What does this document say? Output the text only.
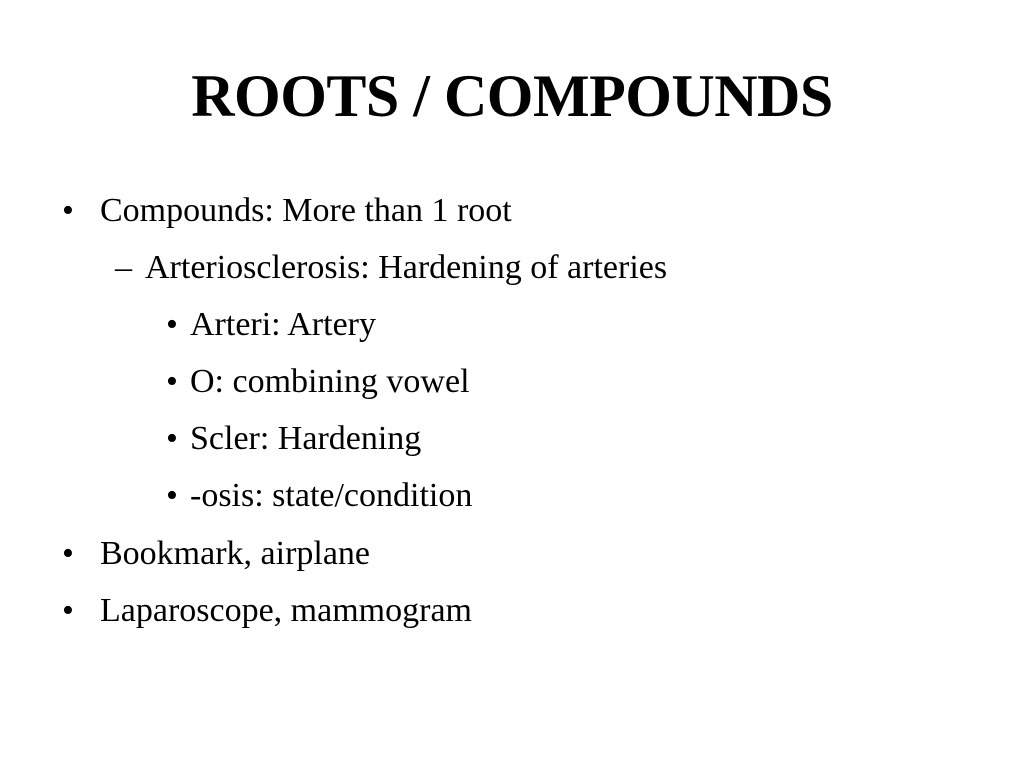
ROOTS / COMPOUNDS
• Compounds: More than 1 root
– Arteriosclerosis: Hardening of arteries
• Arteri: Artery
• O: combining vowel
• Scler: Hardening
• -osis: state/condition
• Bookmark, airplane
• Laparoscope, mammogram
